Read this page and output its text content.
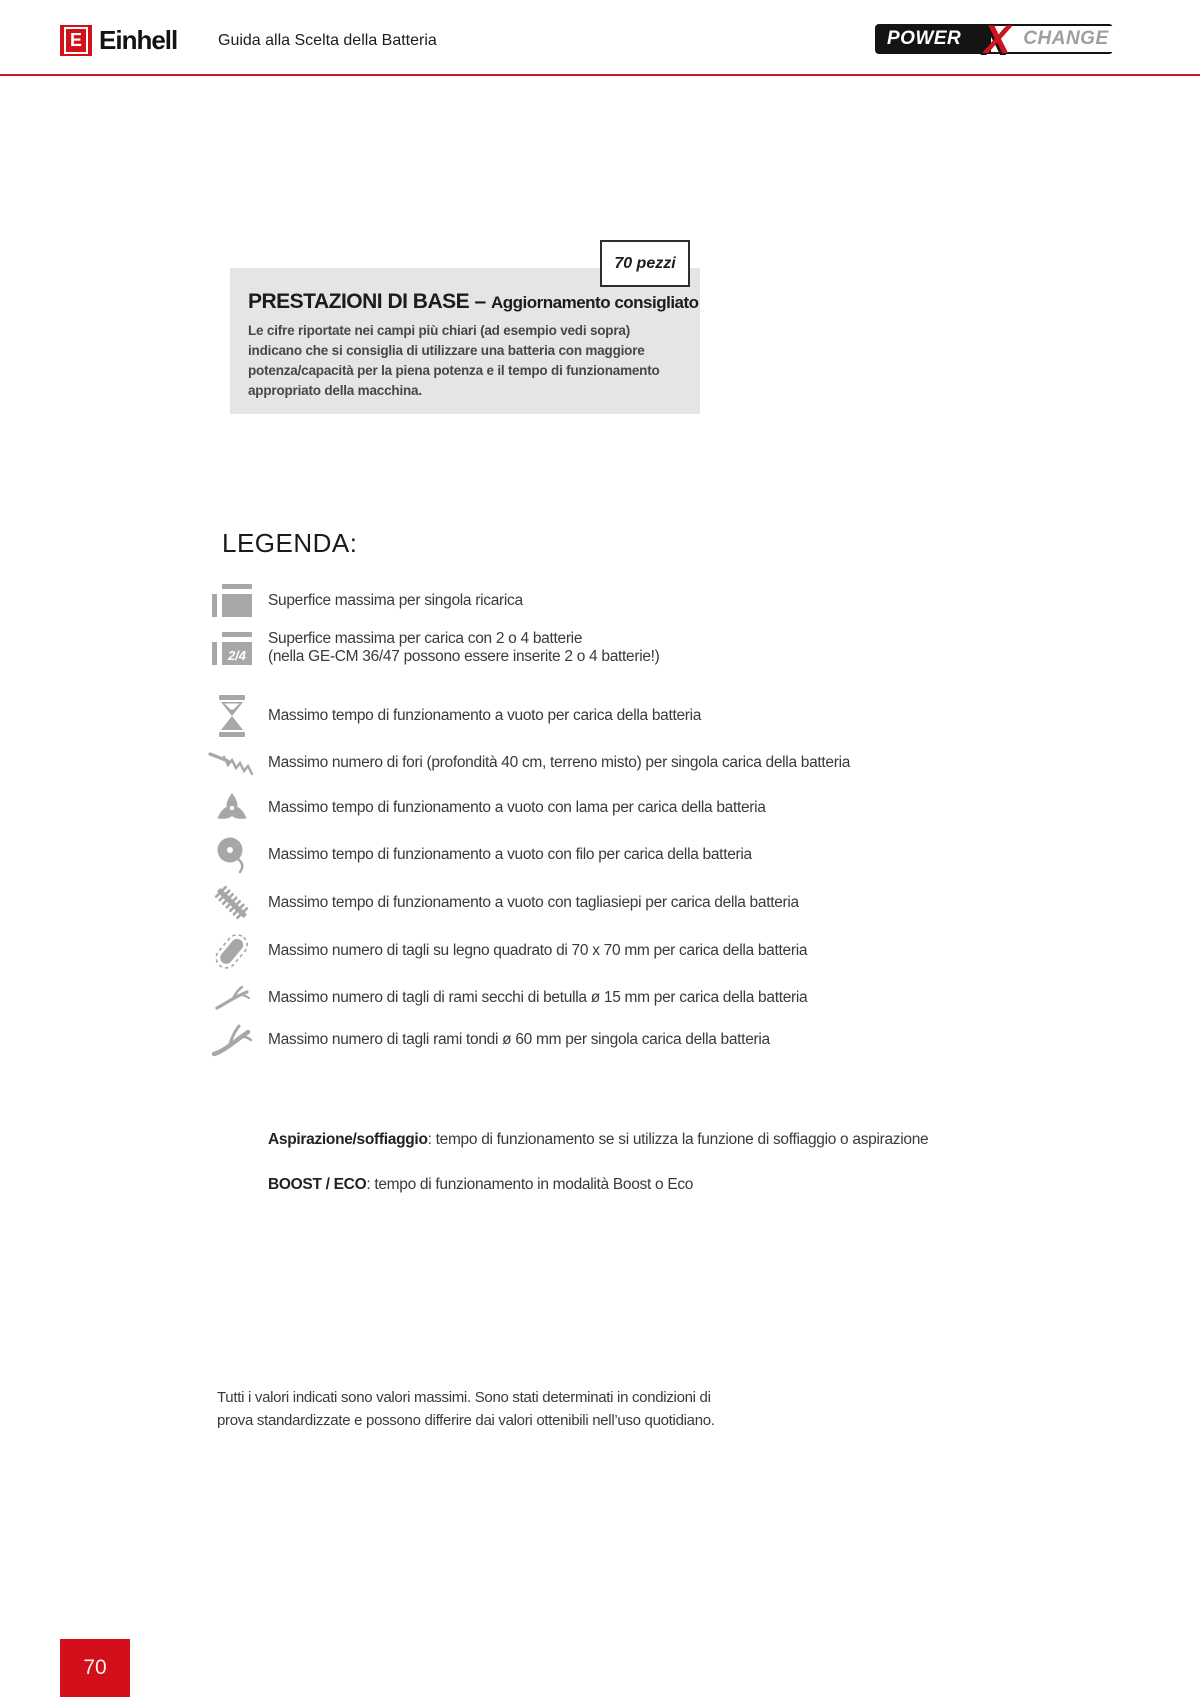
E Einhell	Guida alla Scelta della Batteria	POWER X CHANGE
70 pezzi
PRESTAZIONI DI BASE – Aggiornamento consigliato
Le cifre riportate nei campi più chiari (ad esempio vedi sopra)
indicano che si consiglia di utilizzare una batteria con maggiore
potenza/capacità per la piena potenza e il tempo di funzionamento
appropriato della macchina.
LEGENDA:
Superfice massima per singola ricarica
2/4
Superfice massima per carica con 2 o 4 batterie
(nella GE-CM 36/47 possono essere inserite 2 o 4 batterie!)
Massimo tempo di funzionamento a vuoto per carica della batteria
Massimo numero di fori (profondità 40 cm, terreno misto) per singola carica della batteria
Massimo tempo di funzionamento a vuoto con lama per carica della batteria
Massimo tempo di funzionamento a vuoto con filo per carica della batteria
Massimo tempo di funzionamento a vuoto con tagliasiepi per carica della batteria
Massimo numero di tagli su legno quadrato di 70 x 70 mm per carica della batteria
Massimo numero di tagli di rami secchi di betulla ø 15 mm per carica della batteria
Massimo numero di tagli rami tondi ø 60 mm per singola carica della batteria
Aspirazione/soffiaggio: tempo di funzionamento se si utilizza la funzione di soffiaggio o aspirazione
BOOST / ECO: tempo di funzionamento in modalità Boost o Eco
Tutti i valori indicati sono valori massimi. Sono stati determinati in condizioni di
prova standardizzate e possono differire dai valori ottenibili nell’uso quotidiano.
70
